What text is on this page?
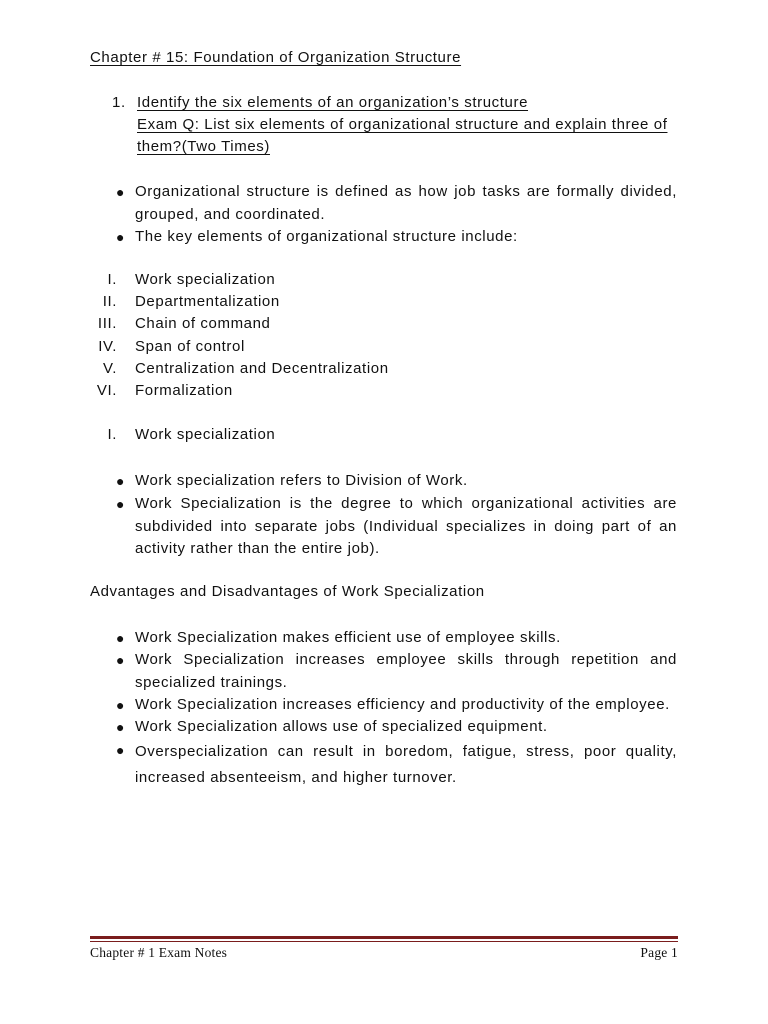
Chapter # 15: Foundation of Organization Structure
1. Identify the six elements of an organization’s structure
Exam Q: List six elements of organizational structure and explain three of
them?(Two Times)
● Organizational structure is defined as how job tasks are formally divided, grouped, and coordinated.
● The key elements of organizational structure include:
I. Work specialization
II. Departmentalization
III. Chain of command
IV. Span of control
V. Centralization and Decentralization
VI. Formalization
I. Work specialization
● Work specialization refers to Division of Work.
● Work Specialization is the degree to which organizational activities are subdivided into separate jobs (Individual specializes in doing part of an activity rather than the entire job).
Advantages and Disadvantages of Work Specialization
● Work Specialization makes efficient use of employee skills.
● Work Specialization increases employee skills through repetition and specialized trainings.
● Work Specialization increases efficiency and productivity of the employee.
● Work Specialization allows use of specialized equipment.
● Overspecialization can result in boredom, fatigue, stress, poor quality, increased absenteeism, and higher turnover.
Chapter # 1 Exam Notes	Page 1
